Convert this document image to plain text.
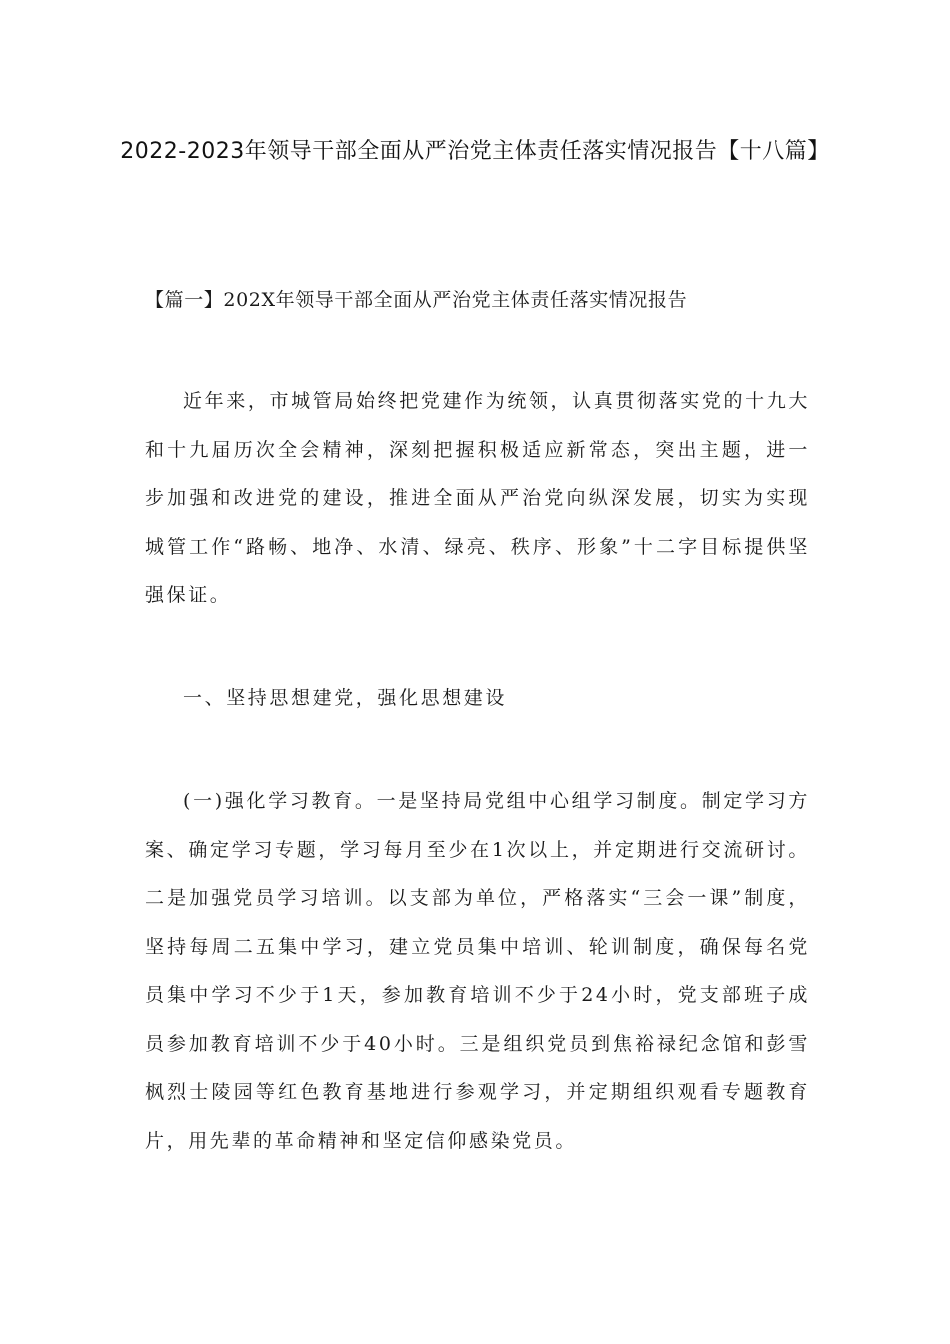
2022-2023年领导干部全面从严治党主体责任落实情况报告【十八篇】
【篇一】202X年领导干部全面从严治党主体责任落实情况报告

近年来，市城管局始终把党建作为统领，认真贯彻落实党的十九大和十九届历次全会精神，深刻把握积极适应新常态，突出主题，进一步加强和改进党的建设，推进全面从严治党向纵深发展，切实为实现城管工作“路畅、地净、水清、绿亮、秩序、形象”十二字目标提供坚强保证。

一、坚持思想建党，强化思想建设

(一)强化学习教育。一是坚持局党组中心组学习制度。制定学习方案、确定学习专题，学习每月至少在1次以上，并定期进行交流研讨。二是加强党员学习培训。以支部为单位，严格落实“三会一课”制度，坚持每周二五集中学习，建立党员集中培训、轮训制度，确保每名党员集中学习不少于1天，参加教育培训不少于24小时，党支部班子成员参加教育培训不少于40小时。三是组织党员到焦裕禄纪念馆和彭雪枫烈士陵园等红色教育基地进行参观学习，并定期组织观看专题教育片，用先辈的革命精神和坚定信仰感染党员。
